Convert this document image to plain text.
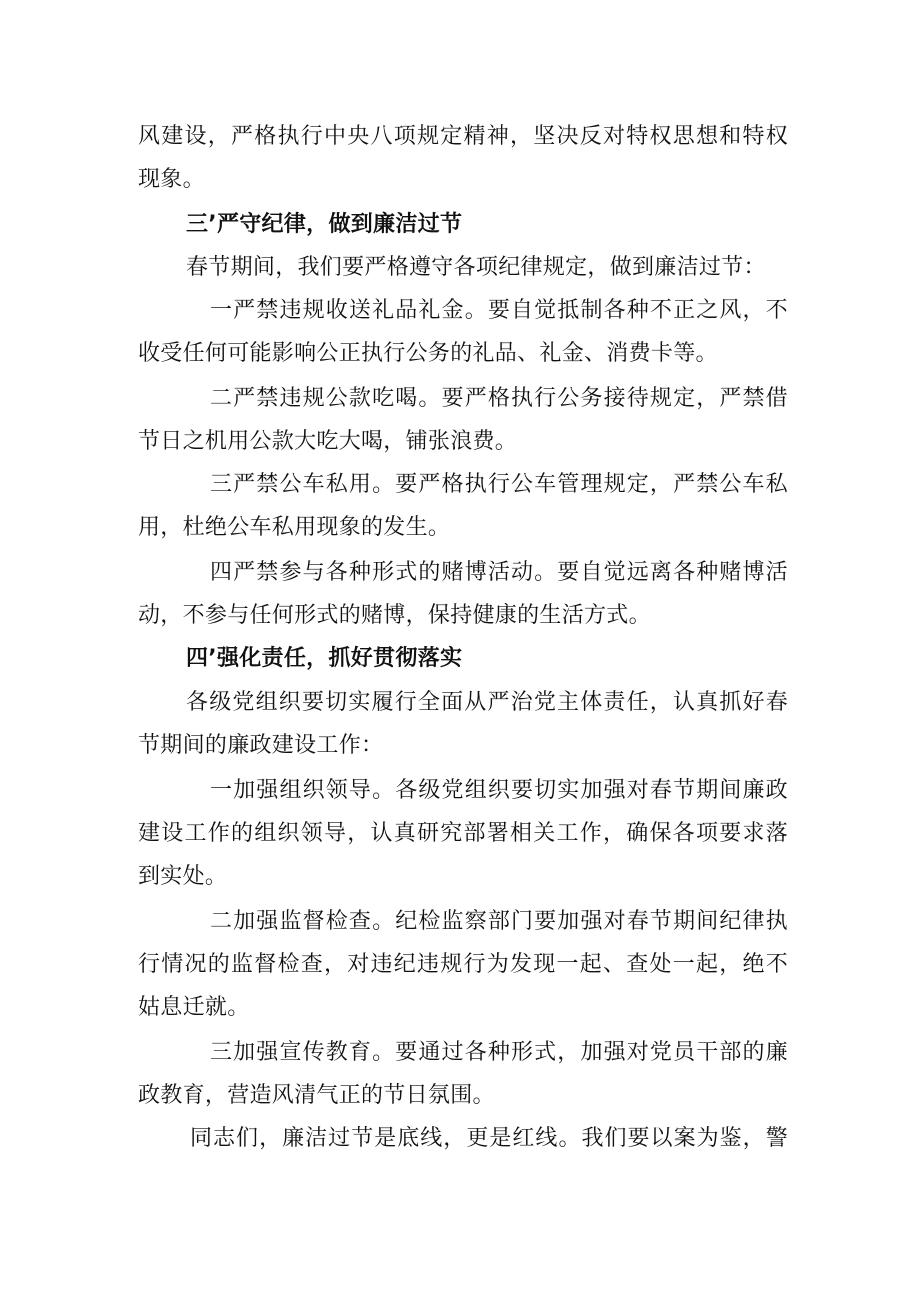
风建设，严格执行中央八项规定精神，坚决反对特权思想和特权
现象。
三’严守纪律，做到廉洁过节
春节期间，我们要严格遵守各项纪律规定，做到廉洁过节：
一严禁违规收送礼品礼金。要自觉抵制各种不正之风，不
收受任何可能影响公正执行公务的礼品、礼金、消费卡等。
二严禁违规公款吃喝。要严格执行公务接待规定，严禁借
节日之机用公款大吃大喝，铺张浪费。
三严禁公车私用。要严格执行公车管理规定，严禁公车私
用，杜绝公车私用现象的发生。
四严禁参与各种形式的赌博活动。要自觉远离各种赌博活
动，不参与任何形式的赌博，保持健康的生活方式。
四’强化责任，抓好贯彻落实
各级党组织要切实履行全面从严治党主体责任，认真抓好春
节期间的廉政建设工作：
一加强组织领导。各级党组织要切实加强对春节期间廉政
建设工作的组织领导，认真研究部署相关工作，确保各项要求落
到实处。
二加强监督检查。纪检监察部门要加强对春节期间纪律执
行情况的监督检查，对违纪违规行为发现一起、查处一起，绝不
姑息迁就。
三加强宣传教育。要通过各种形式，加强对党员干部的廉
政教育，营造风清气正的节日氛围。
同志们，廉洁过节是底线，更是红线。我们要以案为鉴，警
